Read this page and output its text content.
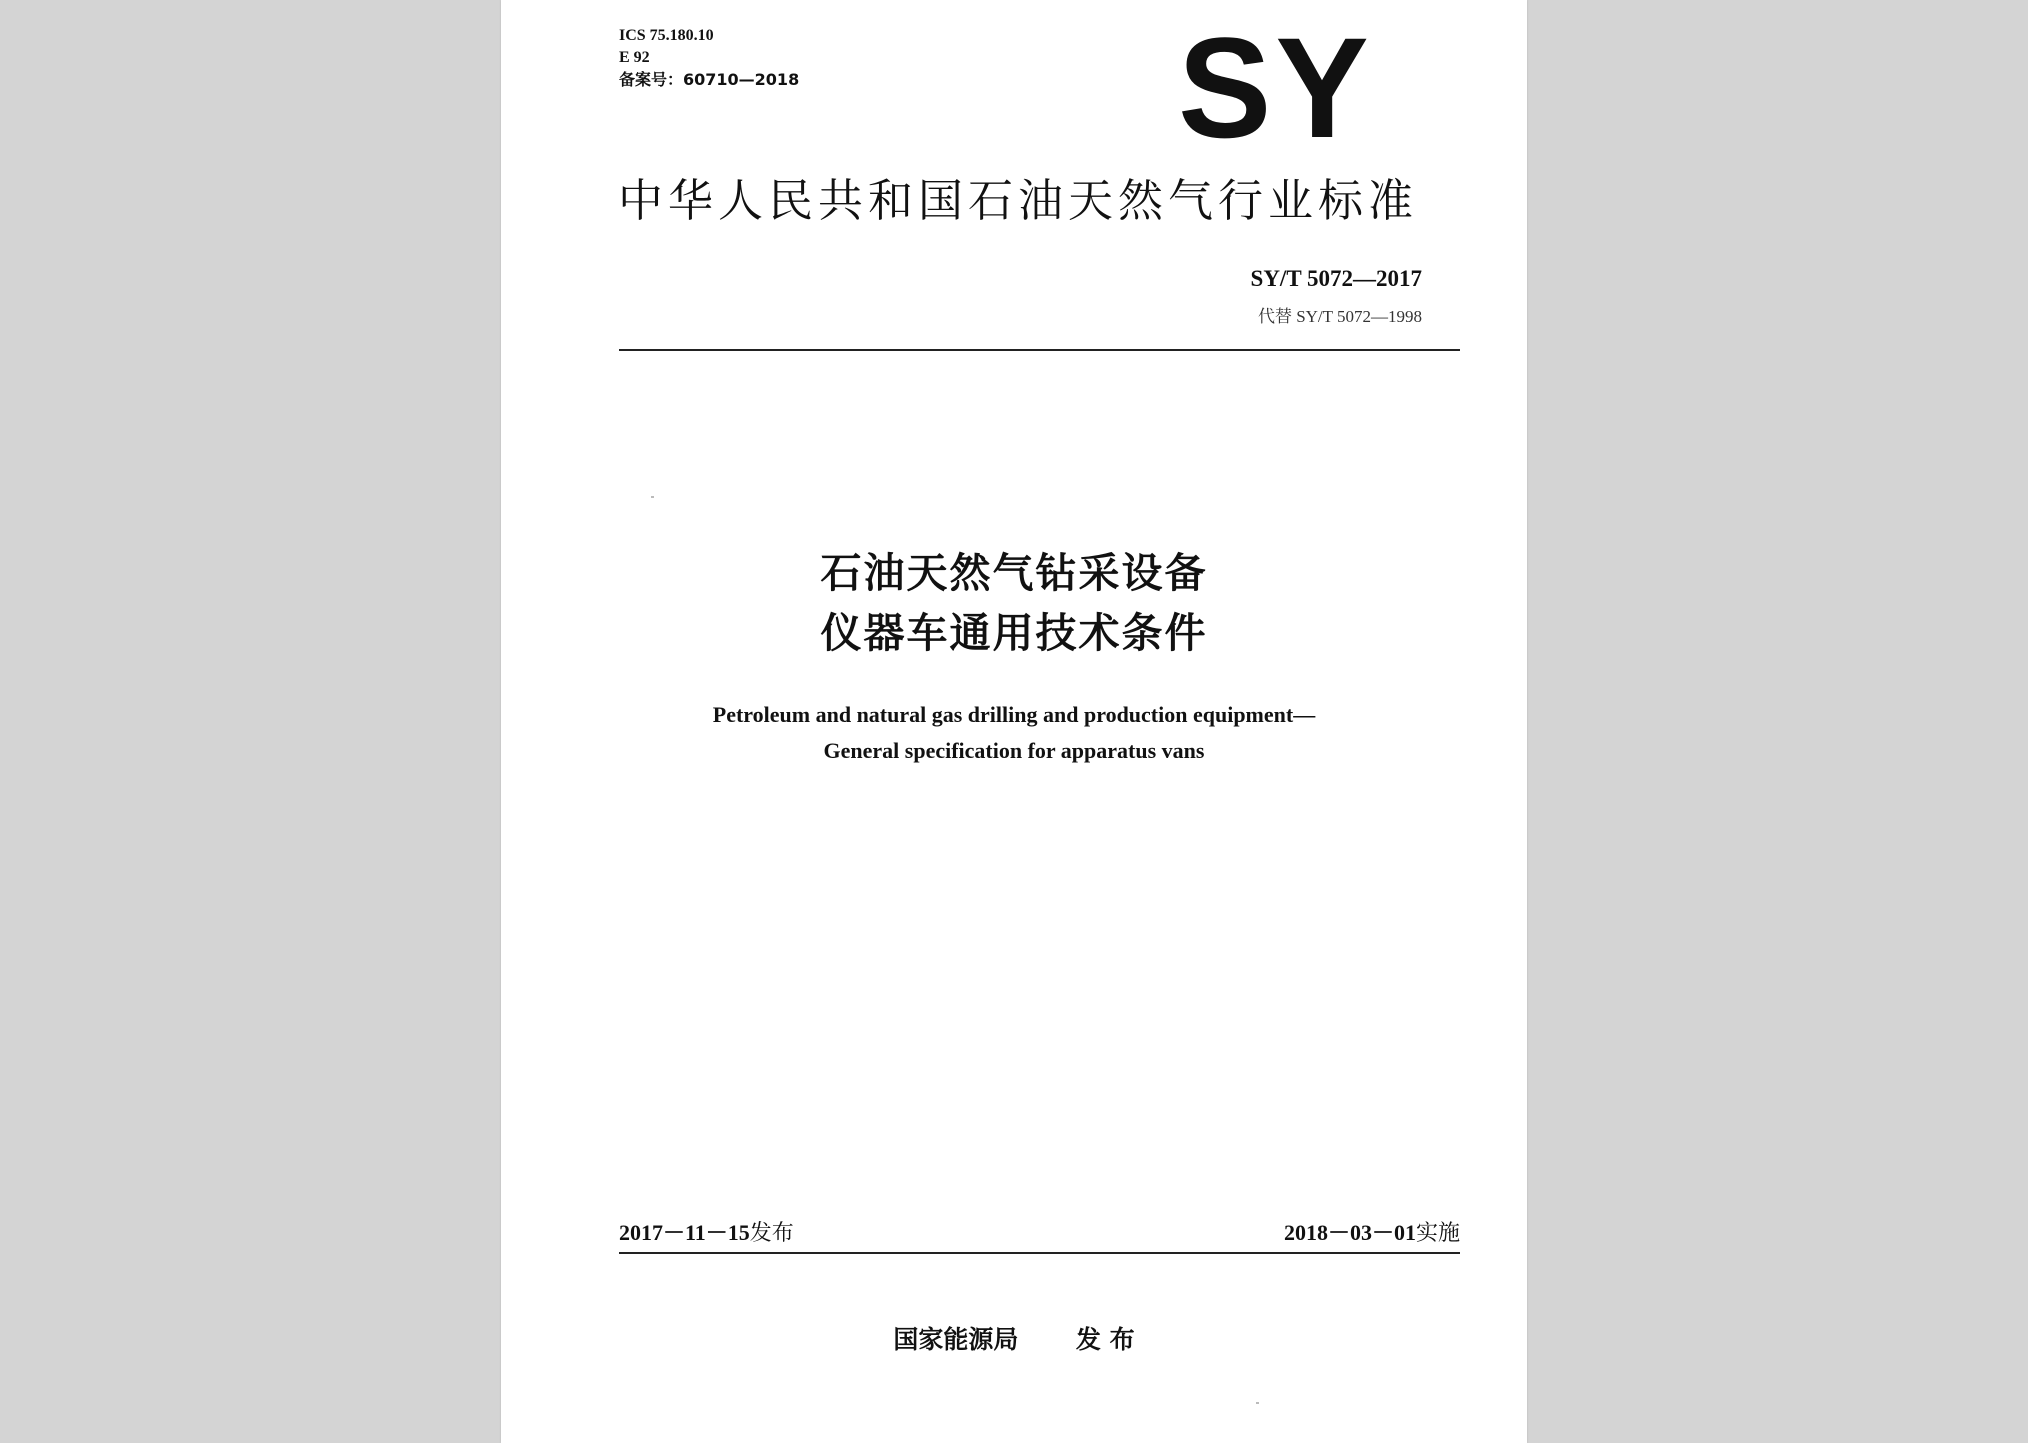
ICS 75.180.10
E 92
备案号：60710—2018	SY
中华人民共和国石油天然气行业标准
SY/T 5072—2017
代替 SY/T 5072—1998
石油天然气钻采设备
仪器车通用技术条件
Petroleum and natural gas drilling and production equipment—
General specification for apparatus vans
2017－11－15发布	2018－03－01实施
国家能源局 发 布
